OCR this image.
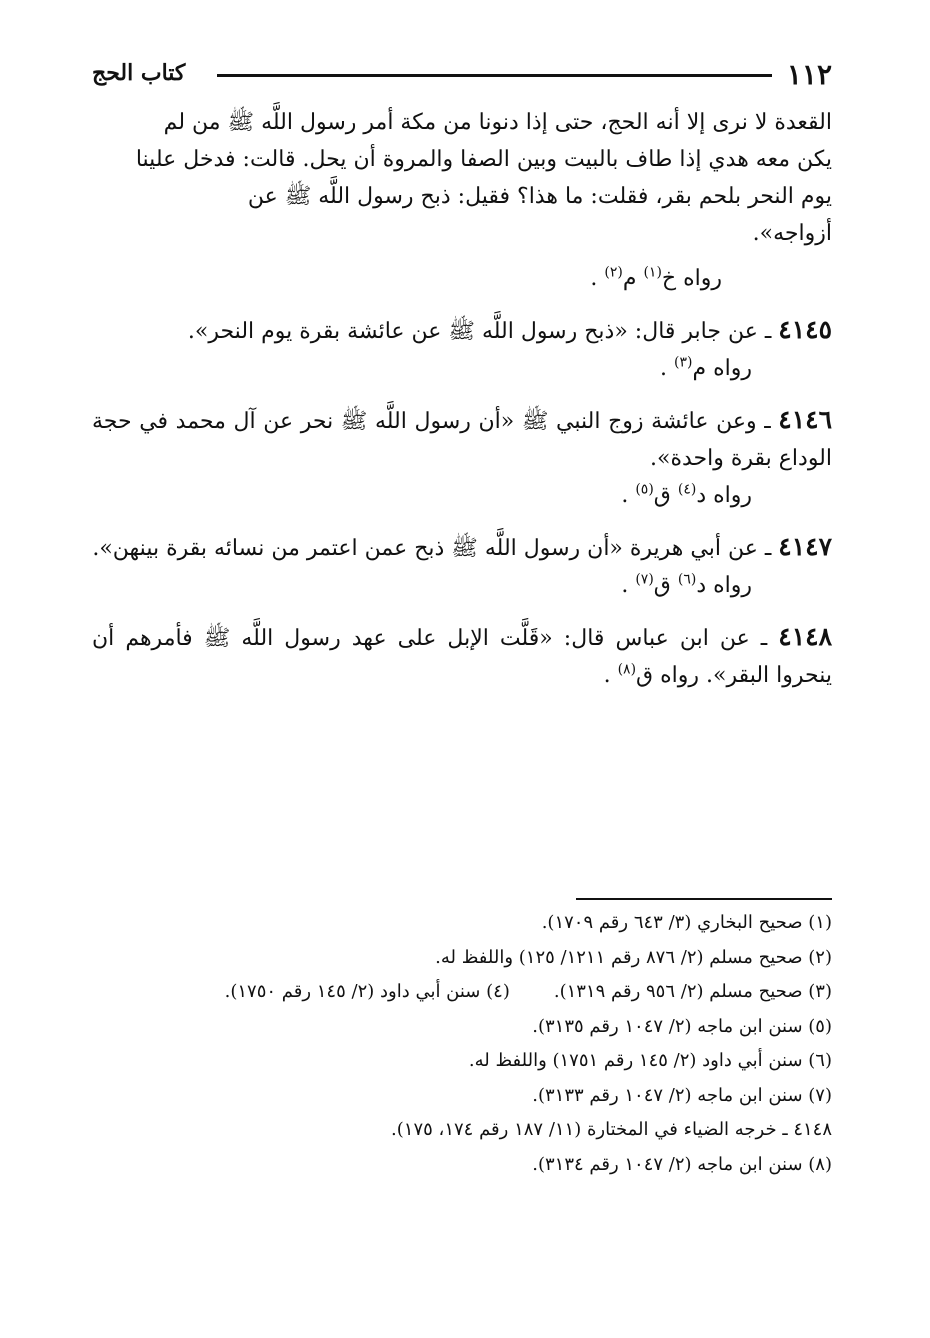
١١٢
كتاب الحج

القعدة لا نرى إلا أنه الحج، حتى إذا دنونا من مكة أمر رسول اللَّه ﷺ من لم

يكن معه هدي إذا طاف بالبيت وبين الصفا والمروة أن يحل. قالت: فدخل علينا

يوم النحر بلحم بقر، فقلت: ما هذا؟ فقيل: ذبح رسول اللَّه ﷺ عن

أزواجه».

رواه خ$^{(١)}$ م$^{(٢)}$ .

٤١٤٥ ـ عن جابر قال: «ذبح رسول اللَّه ﷺ عن عائشة بقرة يوم النحر».

رواه م$^{(٣)}$ .

٤١٤٦ ـ وعن عائشة زوج النبي ﷺ «أن رسول اللَّه ﷺ نحر عن آل محمد في حجة الوداع بقرة واحدة».

رواه د$^{(٤)}$ ق$^{(٥)}$ .

٤١٤٧ ـ عن أبي هريرة «أن رسول اللَّه ﷺ ذبح عمن اعتمر من نسائه بقرة بينهن».

رواه د$^{(٦)}$ ق$^{(٧)}$ .

٤١٤٨ ـ عن ابن عباس قال: «قَلَّت الإبل على عهد رسول اللَّه ﷺ فأمرهم أن ينحروا البقر». رواه ق$^{(٨)}$ .

(١) صحيح البخاري (٣/ ٦٤٣ رقم ١٧٠٩).
(٢) صحيح مسلم (٢/ ٨٧٦ رقم ١٢١١/ ١٢٥) واللفظ له.
(٣) صحيح مسلم (٢/ ٩٥٦ رقم ١٣١٩).(٤) سنن أبي داود (٢/ ١٤٥ رقم ١٧٥٠).
(٥) سنن ابن ماجه (٢/ ١٠٤٧ رقم ٣١٣٥).
(٦) سنن أبي داود (٢/ ١٤٥ رقم ١٧٥١) واللفظ له.
(٧) سنن ابن ماجه (٢/ ١٠٤٧ رقم ٣١٣٣).
٤١٤٨ ـ خرجه الضياء في المختارة (١١/ ١٨٧ رقم ١٧٤، ١٧٥).
(٨) سنن ابن ماجه (٢/ ١٠٤٧ رقم ٣١٣٤).
